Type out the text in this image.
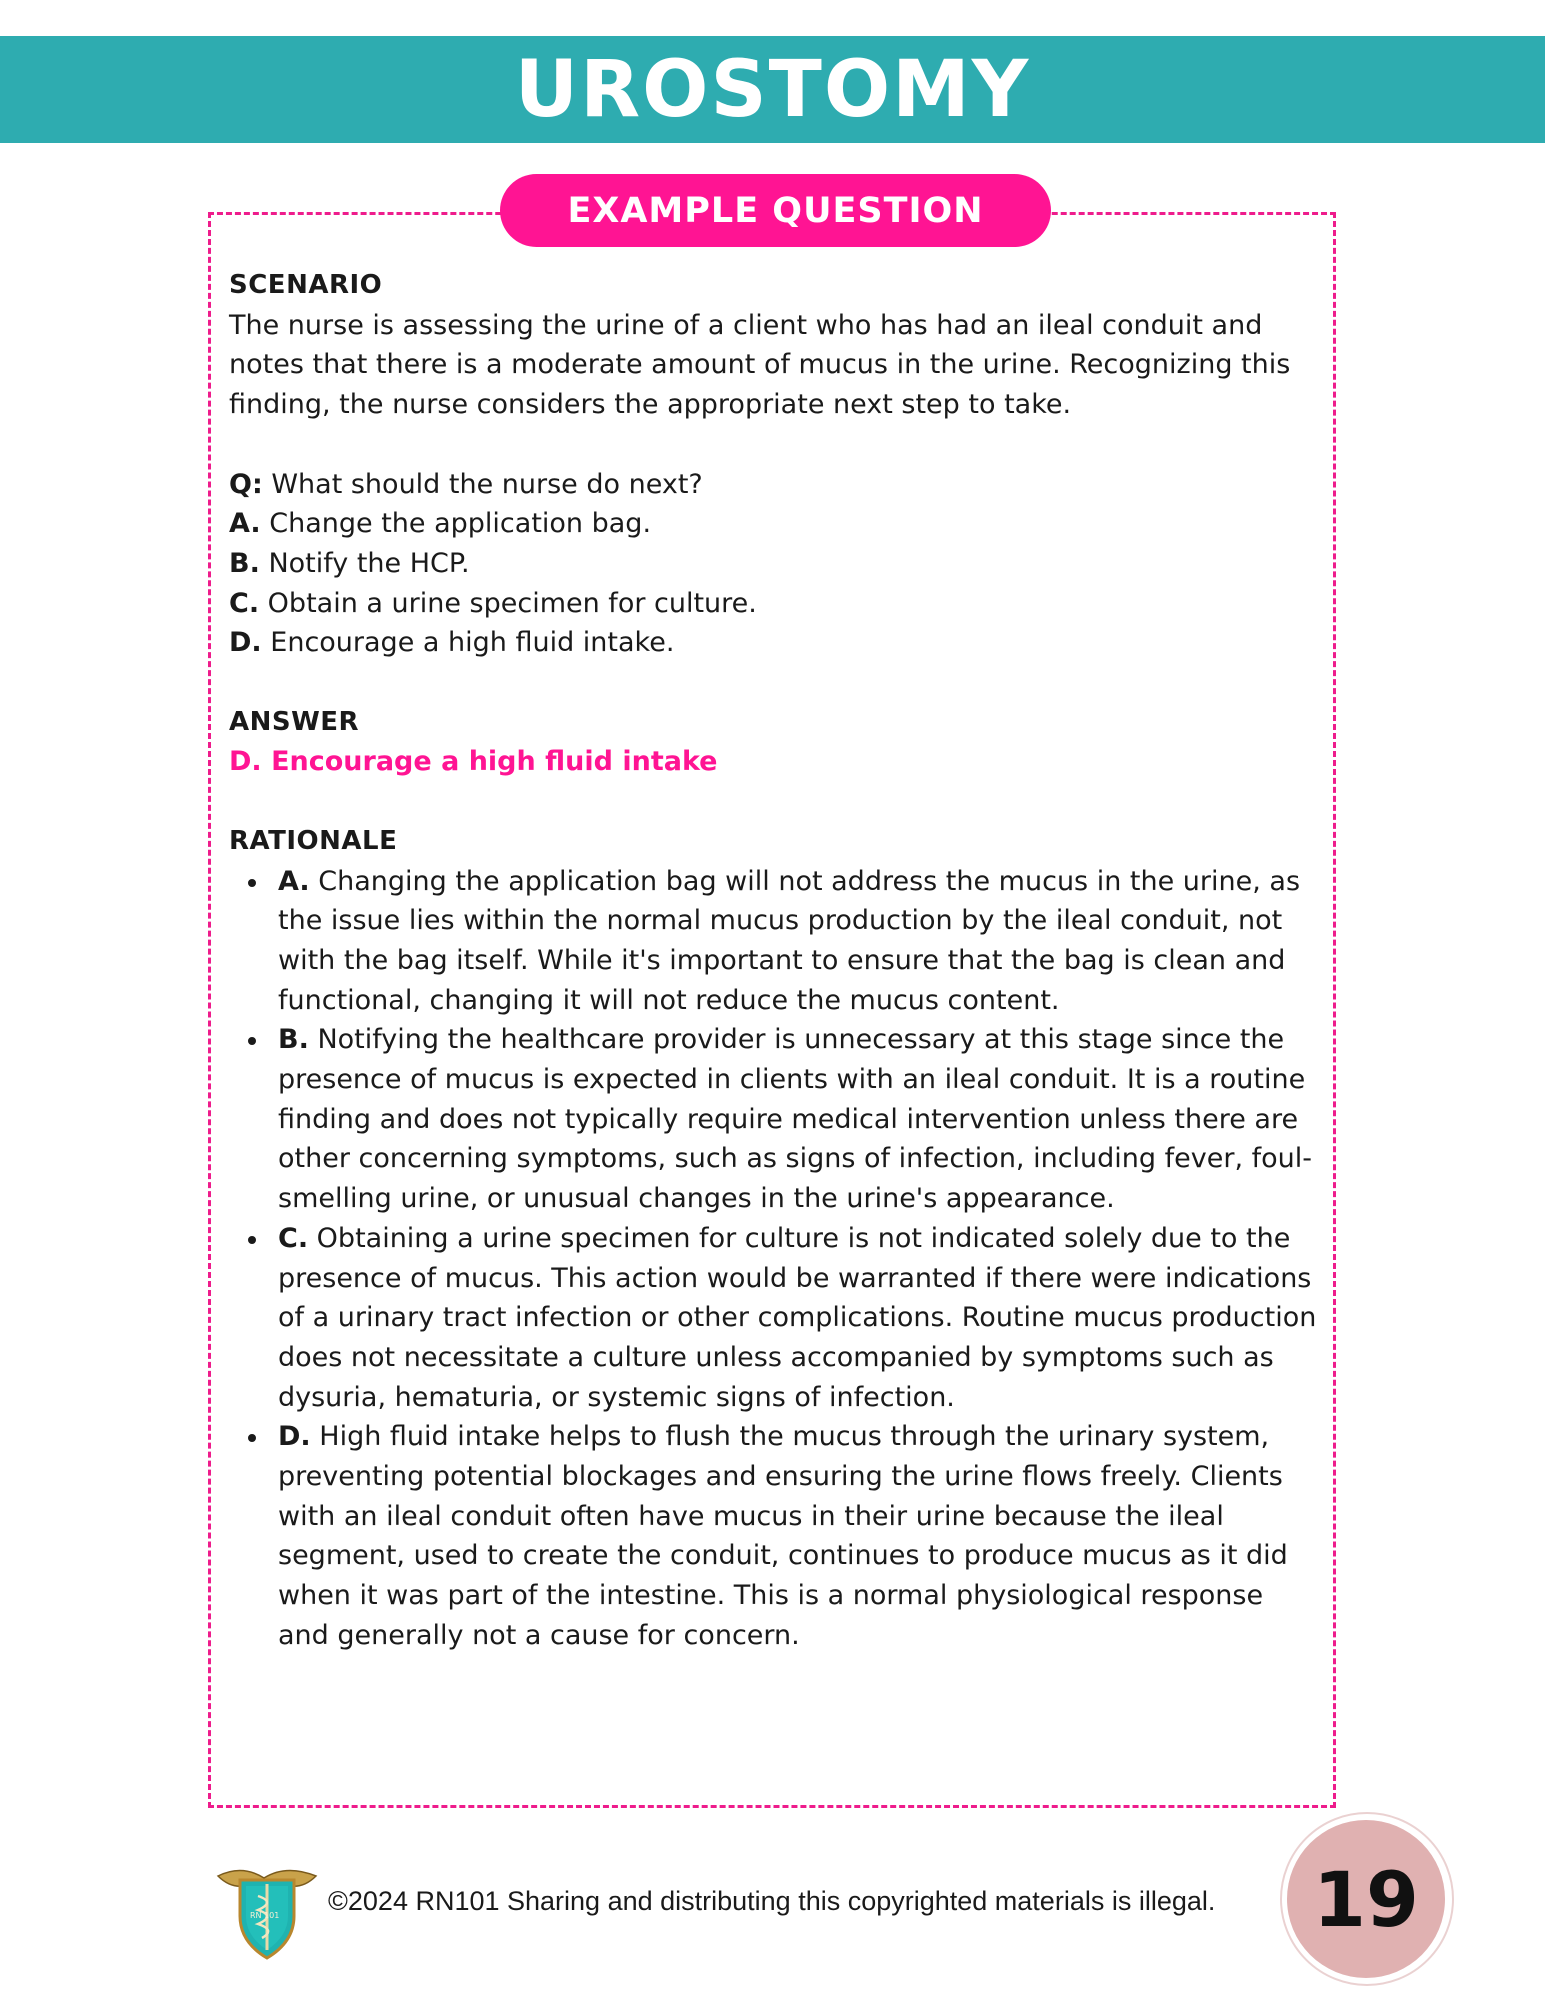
UROSTOMY
EXAMPLE QUESTION

SCENARIO

The nurse is assessing the urine of a client who has had an ileal conduit and notes that there is a moderate amount of mucus in the urine. Recognizing this finding, the nurse considers the appropriate next step to take.

Q: What should the nurse do next?

A. Change the application bag.

B. Notify the HCP.

C. Obtain a urine specimen for culture.

D. Encourage a high fluid intake.

ANSWER

D. Encourage a high fluid intake

RATIONALE

A. Changing the application bag will not address the mucus in the urine, as the issue lies within the normal mucus production by the ileal conduit, not with the bag itself. While it's important to ensure that the bag is clean and functional, changing it will not reduce the mucus content.
B. Notifying the healthcare provider is unnecessary at this stage since the presence of mucus is expected in clients with an ileal conduit. It is a routine finding and does not typically require medical intervention unless there are other concerning symptoms, such as signs of infection, including fever, foul-smelling urine, or unusual changes in the urine's appearance.
C. Obtaining a urine specimen for culture is not indicated solely due to the presence of mucus. This action would be warranted if there were indications of a urinary tract infection or other complications. Routine mucus production does not necessitate a culture unless accompanied by symptoms such as dysuria, hematuria, or systemic signs of infection.
D. High fluid intake helps to flush the mucus through the urinary system, preventing potential blockages and ensuring the urine flows freely. Clients with an ileal conduit often have mucus in their urine because the ileal segment, used to create the conduit, continues to produce mucus as it did when it was part of the intestine. This is a normal physiological response and generally not a cause for concern.
RN 101 ©2024 RN101 Sharing and distributing this copyrighted materials is illegal.	19
